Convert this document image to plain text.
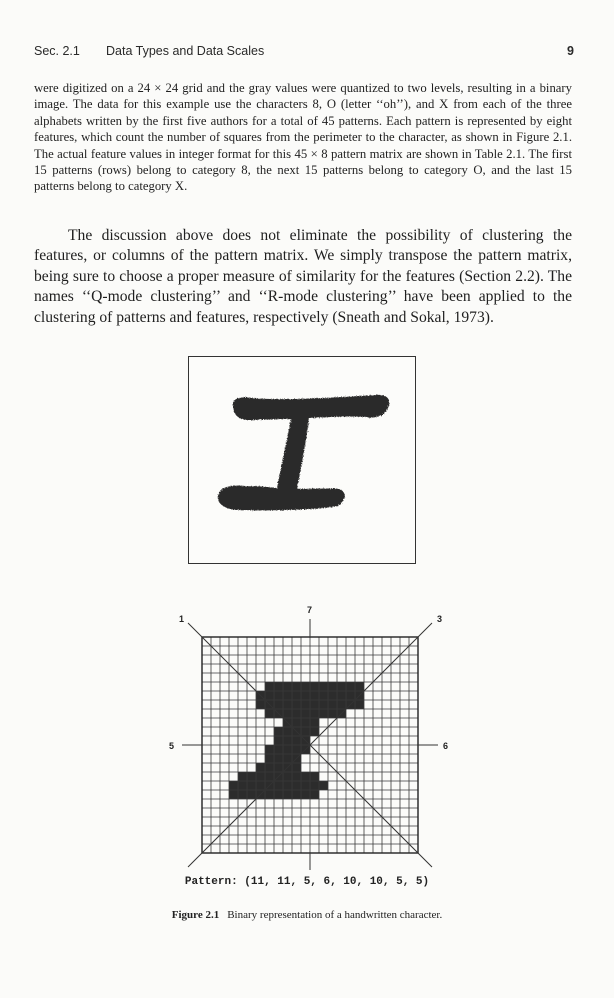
Sec. 2.1 Data Types and Data Scales	9

were digitized on a 24 × 24 grid and the gray values were quantized to two levels, resulting in a binary image. The data for this example use the characters 8, O (letter ‘‘oh’’), and X from each of the three alphabets written by the first five authors for a total of 45 patterns. Each pattern is represented by eight features, which count the number of squares from the perimeter to the character, as shown in Figure 2.1. The actual feature values in integer format for this 45 × 8 pattern matrix are shown in Table 2.1. The first 15 patterns (rows) belong to category 8, the next 15 patterns belong to category O, and the last 15 patterns belong to category X.

The discussion above does not eliminate the possibility of clustering the features, or columns of the pattern matrix. We simply transpose the pattern matrix, being sure to choose a proper measure of similarity for the features (Section 2.2). The names ‘‘Q-mode clustering’’ and ‘‘R-mode clustering’’ have been applied to the clustering of patterns and features, respectively (Sneath and Sokal, 1973).

1
7
3
5	6
Pattern: (11, 11, 5, 6, 10, 10, 5, 5)
Figure 2.1 Binary representation of a handwritten character.
